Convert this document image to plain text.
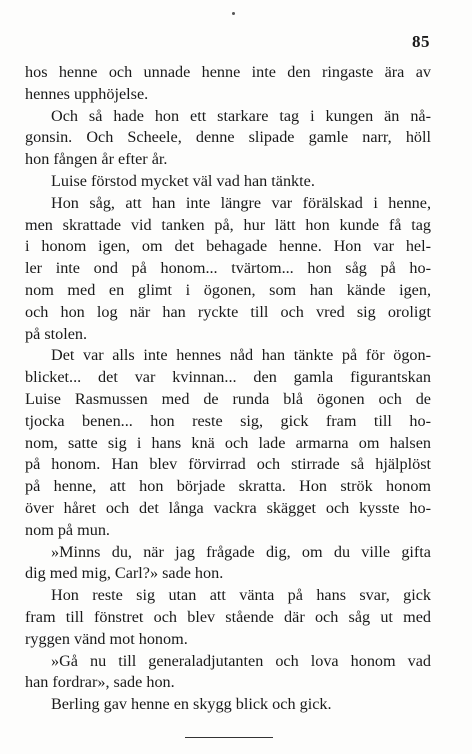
85
hos henne och unnade henne inte den ringaste ära av
hennes upphöjelse.
Och så hade hon ett starkare tag i kungen än nå-
gonsin. Och Scheele, denne slipade gamle narr, höll
hon fången år efter år.
Luise förstod mycket väl vad han tänkte.
Hon såg, att han inte längre var förälskad i henne,
men skrattade vid tanken på, hur lätt hon kunde få tag
i honom igen, om det behagade henne. Hon var hel-
ler inte ond på honom... tvärtom... hon såg på ho-
nom med en glimt i ögonen, som han kände igen,
och hon log när han ryckte till och vred sig oroligt
på stolen.
Det var alls inte hennes nåd han tänkte på för ögon-
blicket... det var kvinnan... den gamla figurantskan
Luise Rasmussen med de runda blå ögonen och de
tjocka benen... hon reste sig, gick fram till ho-
nom, satte sig i hans knä och lade armarna om halsen
på honom. Han blev förvirrad och stirrade så hjälplöst
på henne, att hon började skratta. Hon strök honom
över håret och det långa vackra skägget och kysste ho-
nom på mun.
»Minns du, när jag frågade dig, om du ville gifta
dig med mig, Carl?» sade hon.
Hon reste sig utan att vänta på hans svar, gick
fram till fönstret och blev stående där och såg ut med
ryggen vänd mot honom.
»Gå nu till generaladjutanten och lova honom vad
han fordrar», sade hon.
Berling gav henne en skygg blick och gick.
